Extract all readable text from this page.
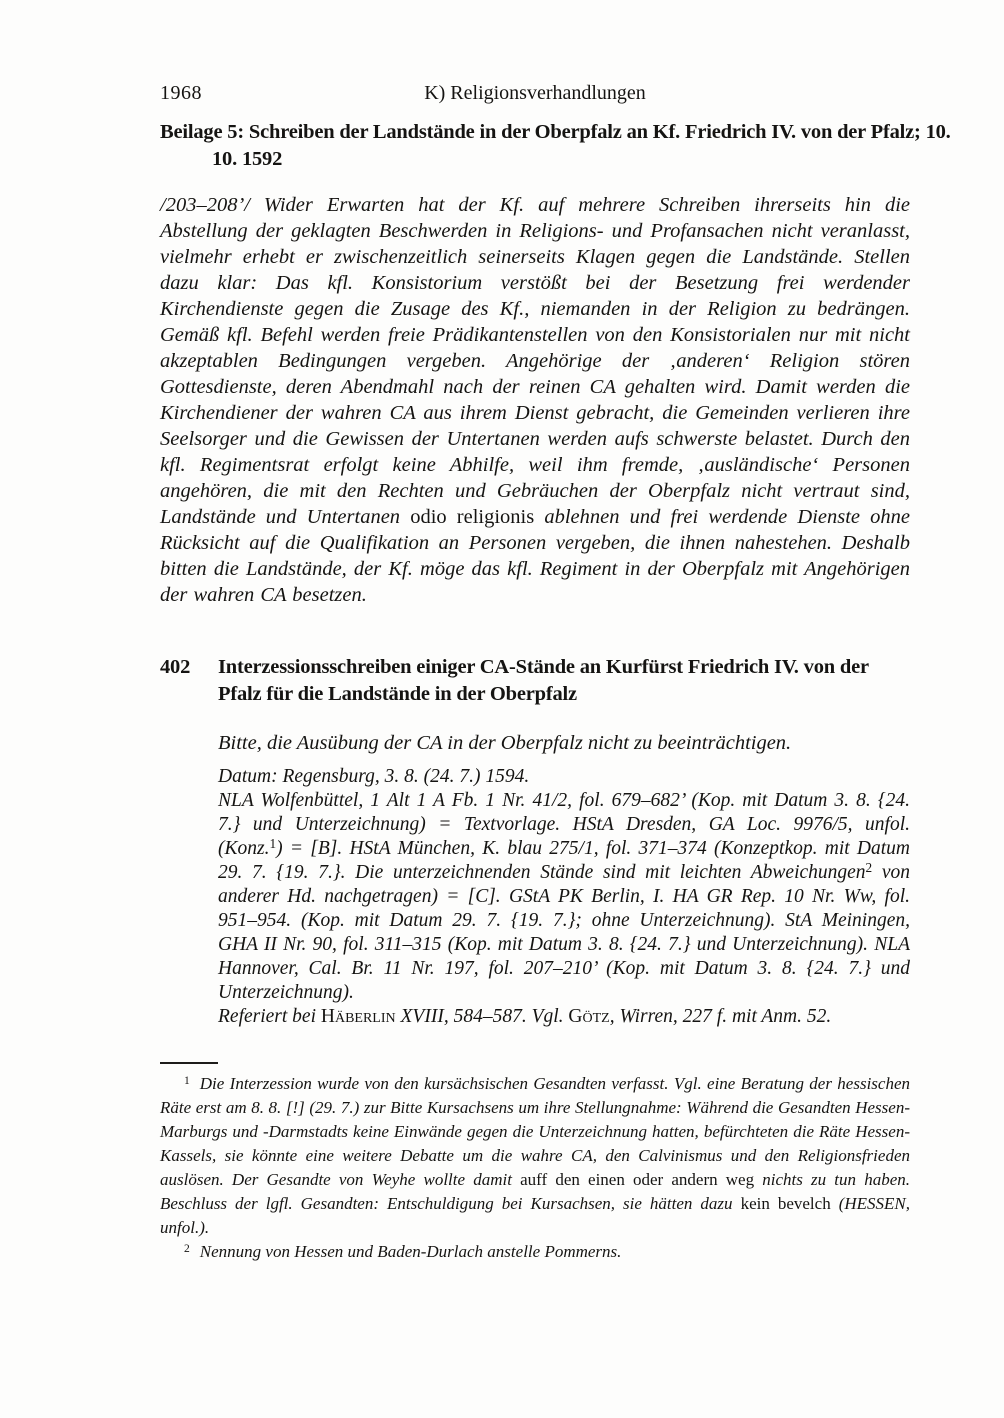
1968	K) Religionsverhandlungen
Beilage 5: Schreiben der Landstände in der Oberpfalz an Kf. Friedrich IV. von der Pfalz; 10. 10. 1592

/203–208’/ Wider Erwarten hat der Kf. auf mehrere Schreiben ihrerseits hin die Abstellung der geklagten Beschwerden in Religions- und Profansachen nicht veranlasst, vielmehr erhebt er zwischenzeitlich seinerseits Klagen gegen die Landstände. Stellen dazu klar: Das kfl. Konsistorium verstößt bei der Besetzung frei werdender Kirchendienste gegen die Zusage des Kf., niemanden in der Religion zu bedrängen. Gemäß kfl. Befehl werden freie Prädikantenstellen von den Konsistorialen nur mit nicht akzeptablen Bedingungen vergeben. Angehörige der ‚anderen‘ Religion stören Gottesdienste, deren Abendmahl nach der reinen CA gehalten wird. Damit werden die Kirchendiener der wahren CA aus ihrem Dienst gebracht, die Gemeinden verlieren ihre Seelsorger und die Gewissen der Untertanen werden aufs schwerste belastet. Durch den kfl. Regimentsrat erfolgt keine Abhilfe, weil ihm fremde, ‚ausländische‘ Personen angehören, die mit den Rechten und Gebräuchen der Oberpfalz nicht vertraut sind, Landstände und Untertanen odio religionis ablehnen und frei werdende Dienste ohne Rücksicht auf die Qualifikation an Personen vergeben, die ihnen nahestehen. Deshalb bitten die Landstände, der Kf. möge das kfl. Regiment in der Oberpfalz mit Angehörigen der wahren CA besetzen.

402	Interzessionsschreiben einiger CA-Stände an Kurfürst Friedrich IV. von der Pfalz für die Landstände in der Oberpfalz

Bitte, die Ausübung der CA in der Oberpfalz nicht zu beeinträchtigen.

Datum: Regensburg, 3. 8. (24. 7.) 1594.

NLA Wolfenbüttel, 1 Alt 1 A Fb. 1 Nr. 41/2, fol. 679–682’ (Kop. mit Datum 3. 8. {24. 7.} und Unterzeichnung) = Textvorlage. HStA Dresden, GA Loc. 9976/5, unfol. (Konz.$^1$) = [B]. HStA München, K. blau 275/1, fol. 371–374 (Konzeptkop. mit Datum 29. 7. {19. 7.}. Die unterzeichnenden Stände sind mit leichten Abweichungen$^2$ von anderer Hd. nachgetragen) = [C]. GStA PK Berlin, I. HA GR Rep. 10 Nr. Ww, fol. 951–954. (Kop. mit Datum 29. 7. {19. 7.}; ohne Unterzeichnung). StA Meiningen, GHA II Nr. 90, fol. 311–315 (Kop. mit Datum 3. 8. {24. 7.} und Unterzeichnung). NLA Hannover, Cal. Br. 11 Nr. 197, fol. 207–210’ (Kop. mit Datum 3. 8. {24. 7.} und Unterzeichnung).

Referiert bei Häberlin XVIII, 584–587. Vgl. Götz, Wirren, 227 f. mit Anm. 52.

$^1$ Die Interzession wurde von den kursächsischen Gesandten verfasst. Vgl. eine Beratung der hessischen Räte erst am 8. 8. [!] (29. 7.) zur Bitte Kursachsens um ihre Stellungnahme: Während die Gesandten Hessen-Marburgs und -Darmstadts keine Einwände gegen die Unterzeichnung hatten, befürchteten die Räte Hessen-Kassels, sie könnte eine weitere Debatte um die wahre CA, den Calvinismus und den Religionsfrieden auslösen. Der Gesandte von Weyhe wollte damit auff den einen oder andern weg nichts zu tun haben. Beschluss der lgfl. Gesandten: Entschuldigung bei Kursachsen, sie hätten dazu kein bevelch (HESSEN, unfol.).

$^2$ Nennung von Hessen und Baden-Durlach anstelle Pommerns.
